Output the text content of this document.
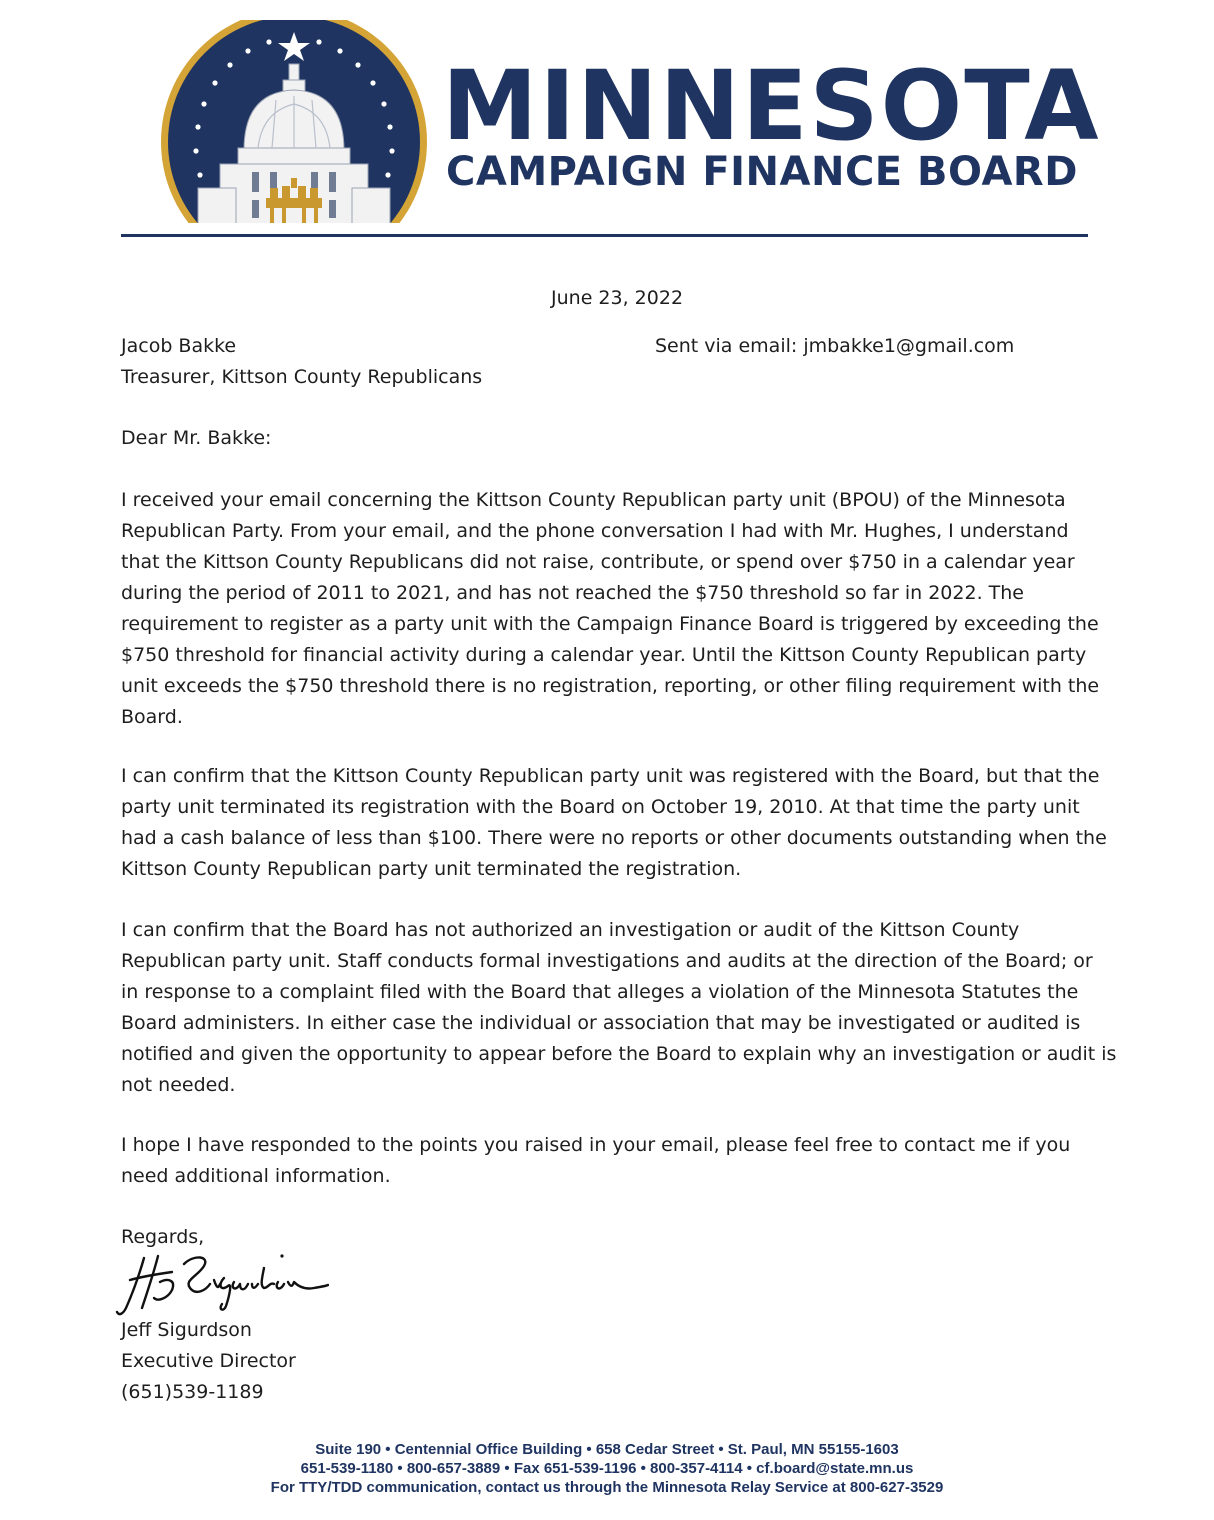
MINNESOTA
CAMPAIGN FINANCE BOARD
June 23, 2022
Jacob Bakke
Treasurer, Kittson County Republicans
Sent via email: jmbakke1@gmail.com
Dear Mr. Bakke:
I received your email concerning the Kittson County Republican party unit (BPOU) of the Minnesota
Republican Party. From your email, and the phone conversation I had with Mr. Hughes, I understand
that the Kittson County Republicans did not raise, contribute, or spend over $750 in a calendar year
during the period of 2011 to 2021, and has not reached the $750 threshold so far in 2022. The
requirement to register as a party unit with the Campaign Finance Board is triggered by exceeding the
$750 threshold for financial activity during a calendar year. Until the Kittson County Republican party
unit exceeds the $750 threshold there is no registration, reporting, or other filing requirement with the
Board.
I can confirm that the Kittson County Republican party unit was registered with the Board, but that the
party unit terminated its registration with the Board on October 19, 2010. At that time the party unit
had a cash balance of less than $100. There were no reports or other documents outstanding when the
Kittson County Republican party unit terminated the registration.
I can confirm that the Board has not authorized an investigation or audit of the Kittson County
Republican party unit. Staff conducts formal investigations and audits at the direction of the Board; or
in response to a complaint filed with the Board that alleges a violation of the Minnesota Statutes the
Board administers. In either case the individual or association that may be investigated or audited is
notified and given the opportunity to appear before the Board to explain why an investigation or audit is
not needed.
I hope I have responded to the points you raised in your email, please feel free to contact me if you
need additional information.
Regards,
Jeff Sigurdson
Executive Director
(651)539-1189
Suite 190 • Centennial Office Building • 658 Cedar Street • St. Paul, MN 55155-1603
651-539-1180 • 800-657-3889 • Fax 651-539-1196 • 800-357-4114 • cf.board@state.mn.us
For TTY/TDD communication, contact us through the Minnesota Relay Service at 800-627-3529
